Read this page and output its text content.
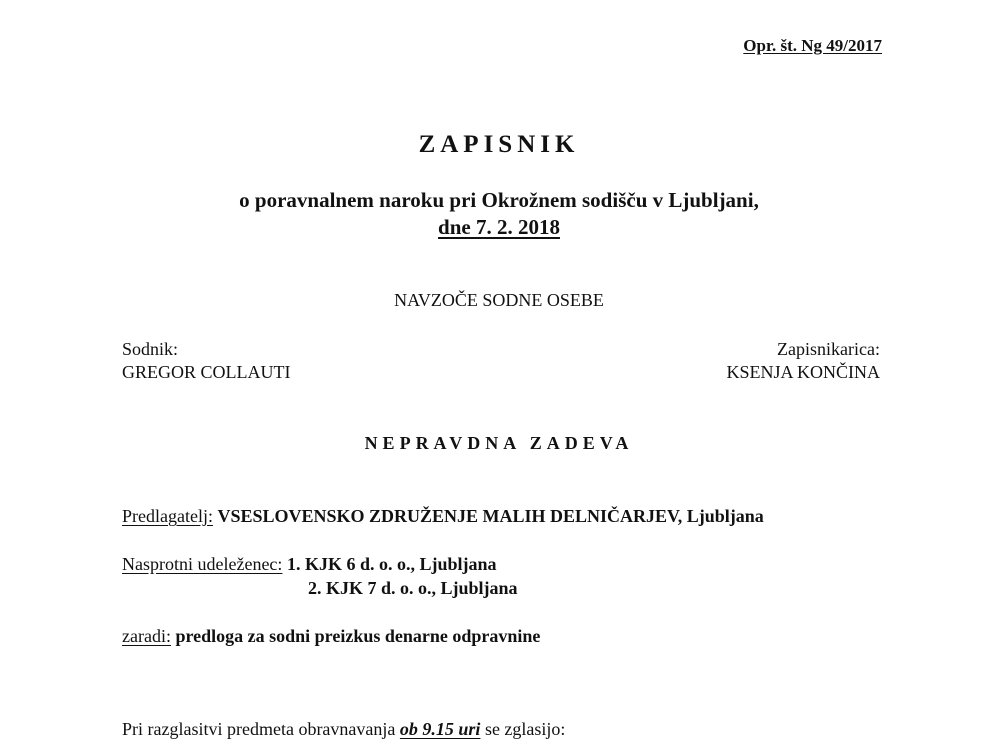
Opr. št. Ng 49/2017
ZAPISNIK
o poravnalnem naroku pri Okrožnem sodišču v Ljubljani,
dne 7. 2. 2018
NAVZOČE SODNE OSEBE
Sodnik:
GREGOR COLLAUTI
Zapisnikarica:
KSENJA KONČINA
NEPRAVDNA ZADEVA
Predlagatelj: VSESLOVENSKO ZDRUŽENJE MALIH DELNIČARJEV, Ljubljana
Nasprotni udeleženec: 1. KJK 6 d. o. o., Ljubljana
2. KJK 7 d. o. o., Ljubljana
zaradi: predloga za sodni preizkus denarne odpravnine
Pri razglasitvi predmeta obravnavanja ob 9.15 uri se zglasijo:
